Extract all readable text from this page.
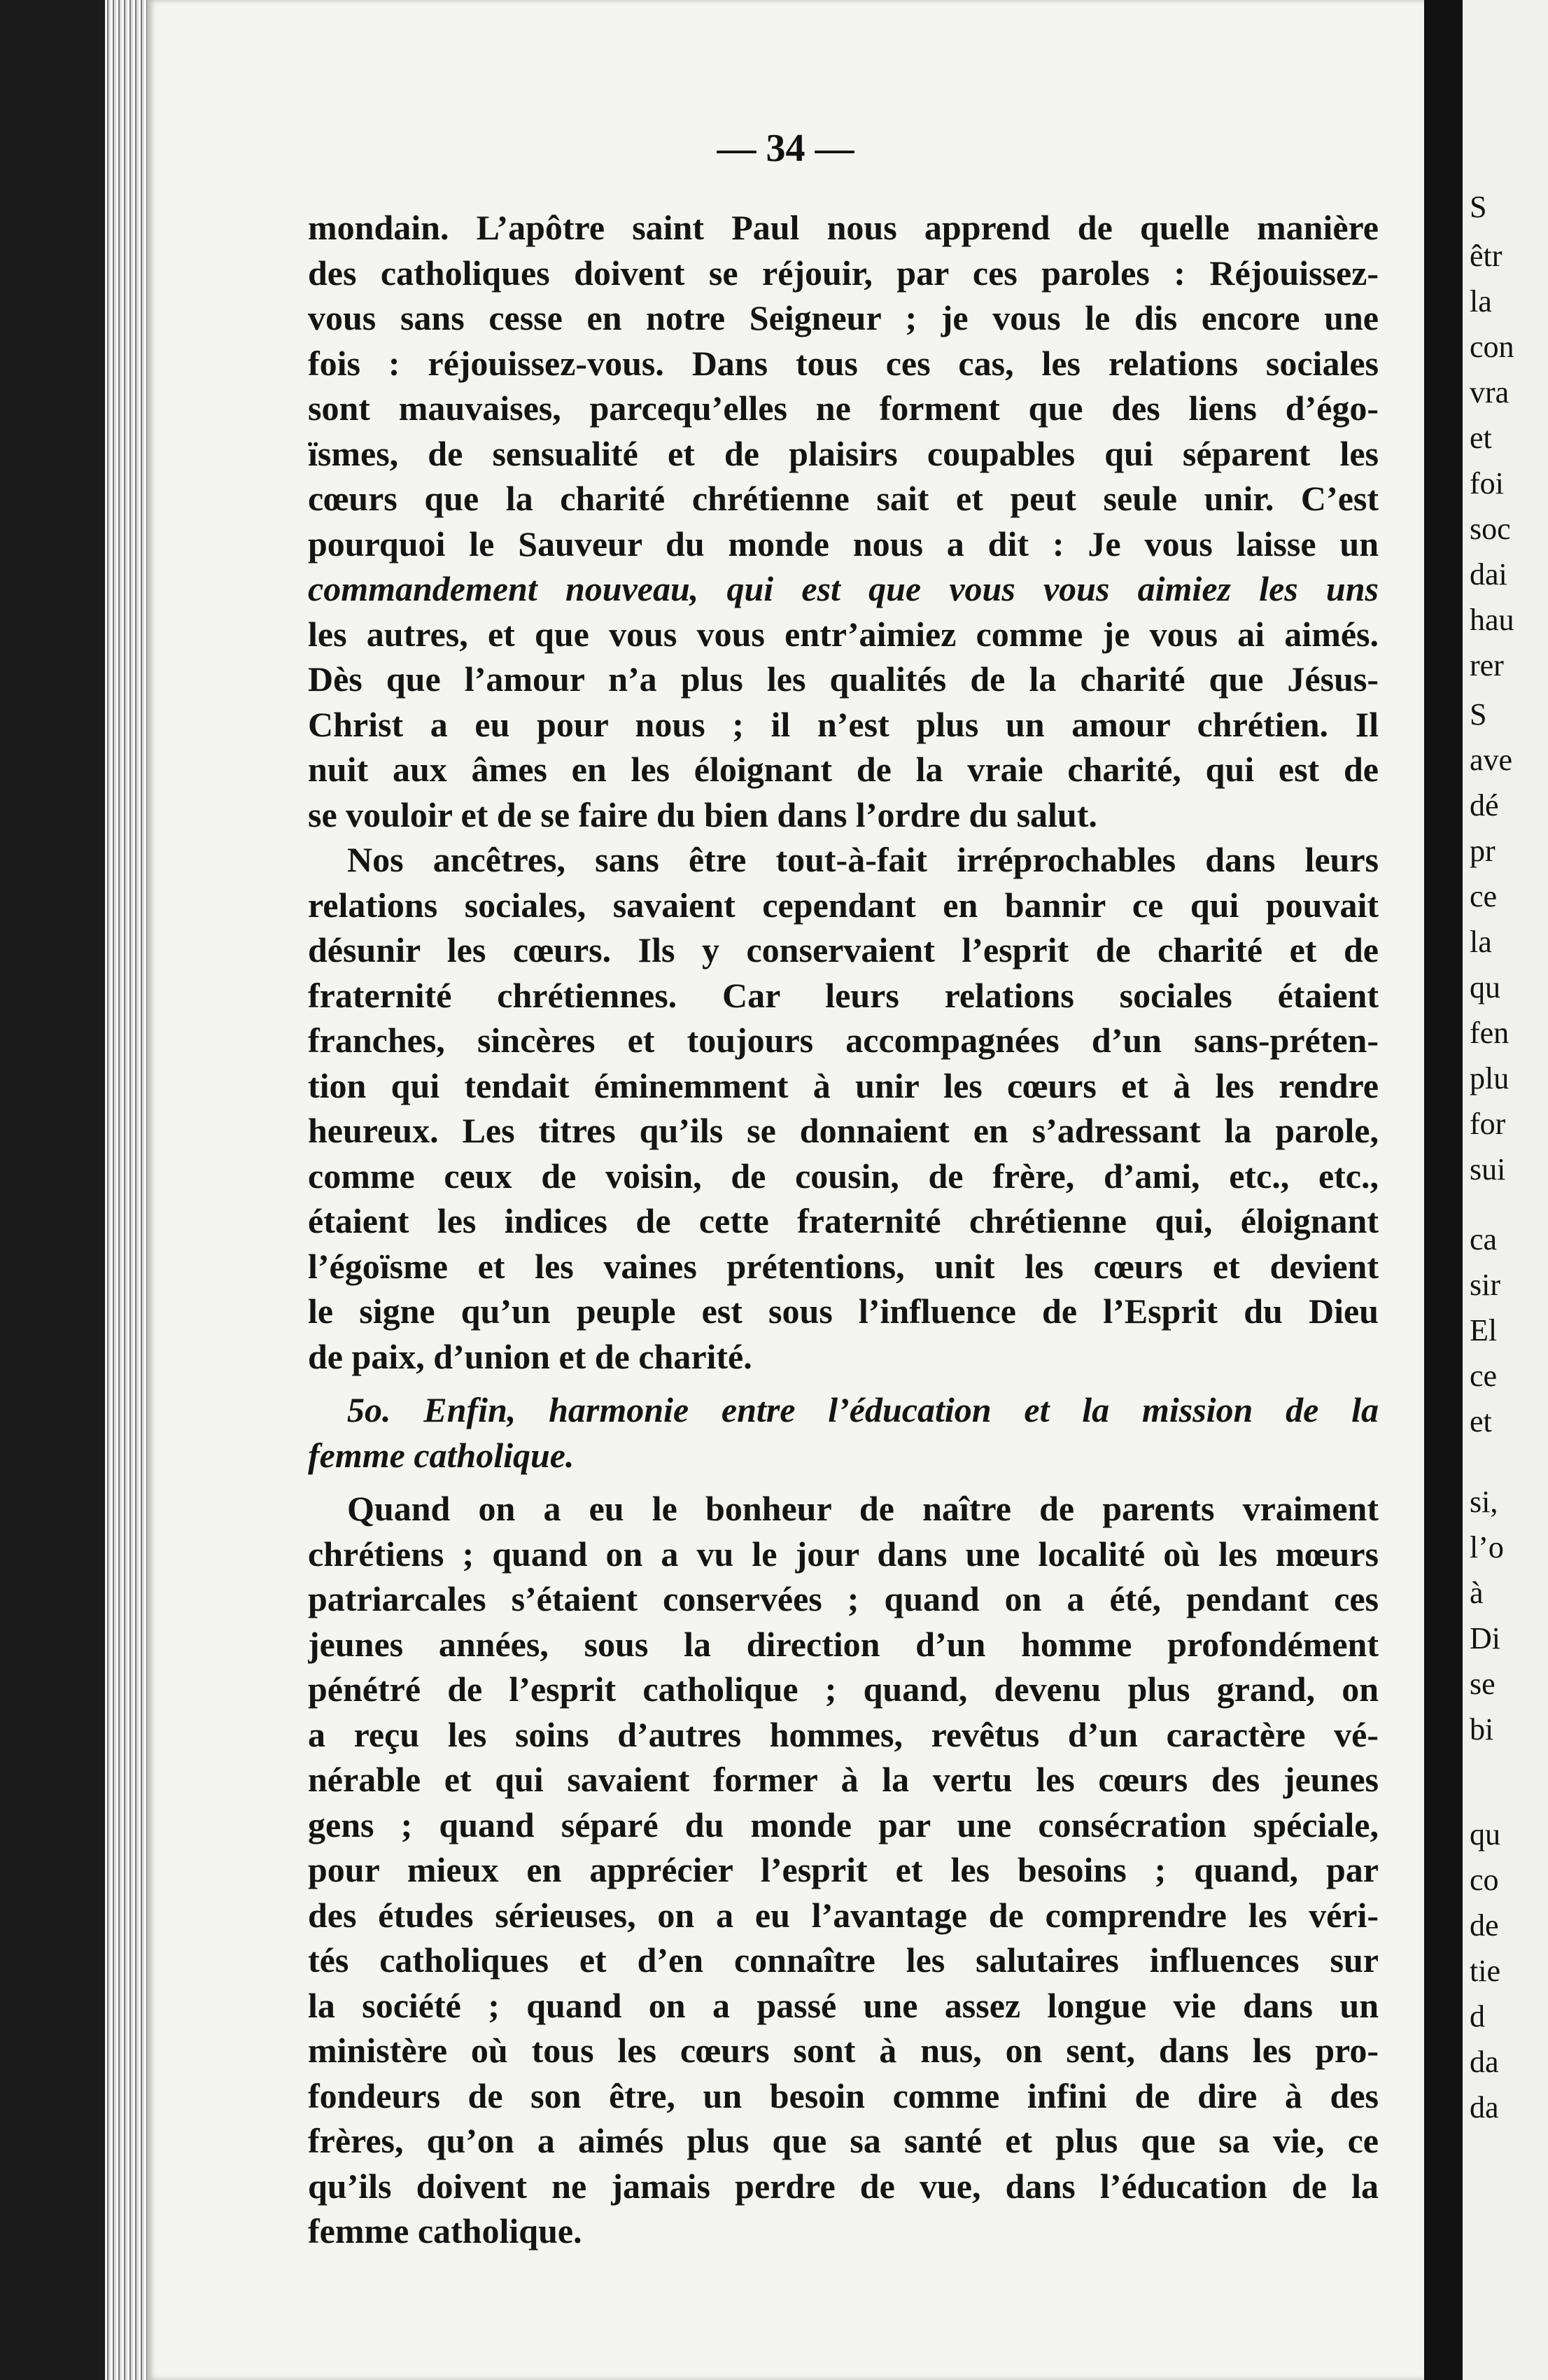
— 34 —
mondain. L’apôtre saint Paul nous apprend de quelle manière
des catholiques doivent se réjouir, par ces paroles : Réjouissez-
vous sans cesse en notre Seigneur ; je vous le dis encore une
fois : réjouissez-vous. Dans tous ces cas, les relations sociales
sont mauvaises, parcequ’elles ne forment que des liens d’égo-
ïsmes, de sensualité et de plaisirs coupables qui séparent les
cœurs que la charité chrétienne sait et peut seule unir. C’est
pourquoi le Sauveur du monde nous a dit : Je vous laisse un
commandement nouveau, qui est que vous vous aimiez les uns
les autres, et que vous vous entr’aimiez comme je vous ai aimés.
Dès que l’amour n’a plus les qualités de la charité que Jésus-
Christ a eu pour nous ; il n’est plus un amour chrétien. Il
nuit aux âmes en les éloignant de la vraie charité, qui est de
se vouloir et de se faire du bien dans l’ordre du salut.
Nos ancêtres, sans être tout-à-fait irréprochables dans leurs
relations sociales, savaient cependant en bannir ce qui pouvait
désunir les cœurs. Ils y conservaient l’esprit de charité et de
fraternité chrétiennes. Car leurs relations sociales étaient
franches, sincères et toujours accompagnées d’un sans-préten-
tion qui tendait éminemment à unir les cœurs et à les rendre
heureux. Les titres qu’ils se donnaient en s’adressant la parole,
comme ceux de voisin, de cousin, de frère, d’ami, etc., etc.,
étaient les indices de cette fraternité chrétienne qui, éloignant
l’égoïsme et les vaines prétentions, unit les cœurs et devient
le signe qu’un peuple est sous l’influence de l’Esprit du Dieu
de paix, d’union et de charité.
5o. Enfin, harmonie entre l’éducation et la mission de la
femme catholique.
Quand on a eu le bonheur de naître de parents vraiment
chrétiens ; quand on a vu le jour dans une localité où les mœurs
patriarcales s’étaient conservées ; quand on a été, pendant ces
jeunes années, sous la direction d’un homme profondément
pénétré de l’esprit catholique ; quand, devenu plus grand, on
a reçu les soins d’autres hommes, revêtus d’un caractère vé-
nérable et qui savaient former à la vertu les cœurs des jeunes
gens ; quand séparé du monde par une consécration spéciale,
pour mieux en apprécier l’esprit et les besoins ; quand, par
des études sérieuses, on a eu l’avantage de comprendre les véri-
tés catholiques et d’en connaître les salutaires influences sur
la société ; quand on a passé une assez longue vie dans un
ministère où tous les cœurs sont à nus, on sent, dans les pro-
fondeurs de son être, un besoin comme infini de dire à des
frères, qu’on a aimés plus que sa santé et plus que sa vie, ce
qu’ils doivent ne jamais perdre de vue, dans l’éducation de la
femme catholique.
S
êtr
la
con
vra
et
foi
soc
dai
hau
rer
S
ave
dé
pr
ce
la
qu
fen
plu
for
sui
ca
sir
El
ce
et
si,
l’o
à
Di
se
bi
qu
co
de
tie
d
da
da
